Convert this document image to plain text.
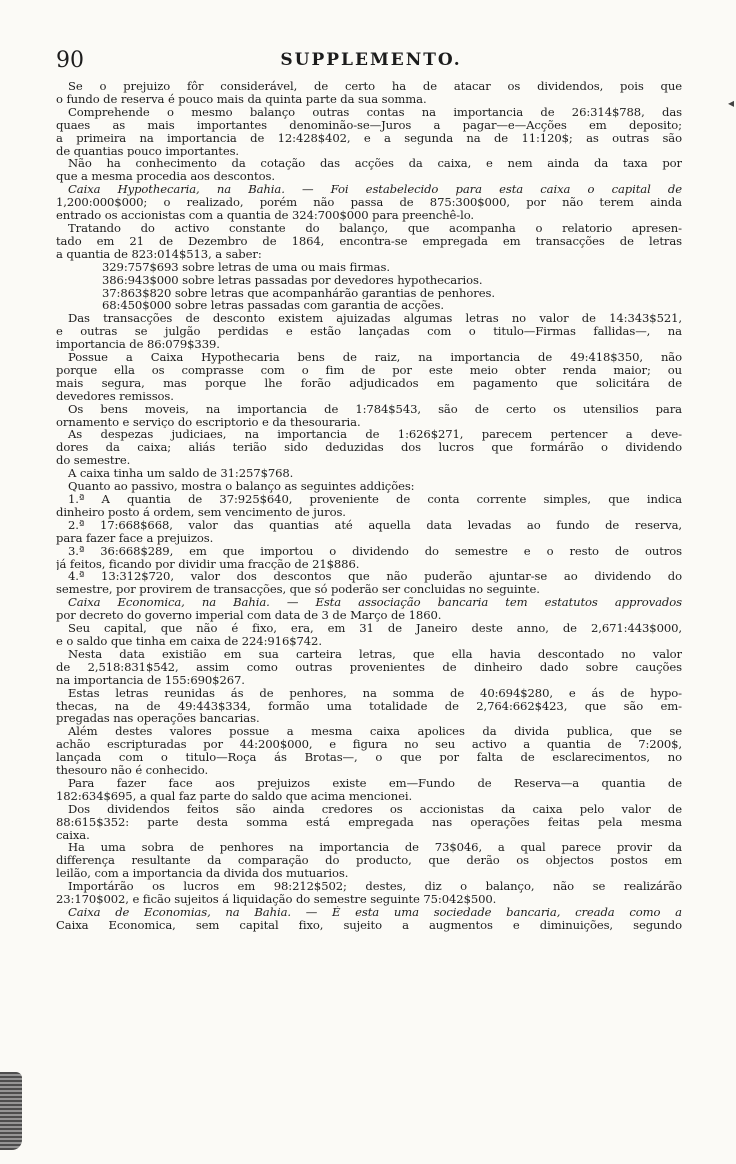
90	SUPPLEMENTO.
Se o prejuizo fôr considerável, de certo ha de atacar os dividendos, pois que
o fundo de reserva é pouco mais da quinta parte da sua somma.
Comprehende o mesmo balanço outras contas na importancia de 26:314$788, das
quaes as mais importantes denominão-se—Juros a pagar—e—Acções em deposito;
a primeira na importancia de 12:428$402, e a segunda na de 11:120$; as outras são
de quantias pouco importantes.
Não ha conhecimento da cotação das acções da caixa, e nem ainda da taxa por
que a mesma procedia aos descontos.
Caixa Hypothecaria, na Bahia. — Foi estabelecido para esta caixa o capital de
1,200:000$000; o realizado, porém não passa de 875:300$000, por não terem ainda
entrado os accionistas com a quantia de 324:700$000 para preenchê-lo.
Tratando do activo constante do balanço, que acompanha o relatorio apresen-
tado em 21 de Dezembro de 1864, encontra-se empregada em transacções de letras
a quantia de 823:014$513, a saber:
329:757$693 sobre letras de uma ou mais firmas.
386:943$000 sobre letras passadas por devedores hypothecarios.
37:863$820 sobre letras que acompanhárão garantias de penhores.
68:450$000 sobre letras passadas com garantia de acções.
Das transacções de desconto existem ajuizadas algumas letras no valor de 14:343$521,
e outras se julgão perdidas e estão lançadas com o titulo—Firmas fallidas—, na
importancia de 86:079$339.
Possue a Caixa Hypothecaria bens de raiz, na importancia de 49:418$350, não
porque ella os comprasse com o fim de por este meio obter renda maior; ou
mais segura, mas porque lhe forão adjudicados em pagamento que solicitára de
devedores remissos.
Os bens moveis, na importancia de 1:784$543, são de certo os utensilios para
ornamento e serviço do escriptorio e da thesouraria.
As despezas judiciaes, na importancia de 1:626$271, parecem pertencer a deve-
dores da caixa; aliás terião sido deduzidas dos lucros que formárão o dividendo
do semestre.
A caixa tinha um saldo de 31:257$768.
Quanto ao passivo, mostra o balanço as seguintes addições:
1.ª A quantia de 37:925$640, proveniente de conta corrente simples, que indica
dinheiro posto á ordem, sem vencimento de juros.
2.ª 17:668$668, valor das quantias até aquella data levadas ao fundo de reserva,
para fazer face a prejuizos.
3.ª 36:668$289, em que importou o dividendo do semestre e o resto de outros
já feitos, ficando por dividir uma fracção de 21$886.
4.ª 13:312$720, valor dos descontos que não puderão ajuntar-se ao dividendo do
semestre, por provirem de transacções, que só poderão ser concluidas no seguinte.
Caixa Economica, na Bahia. — Esta associação bancaria tem estatutos approvados
por decreto do governo imperial com data de 3 de Março de 1860.
Seu capital, que não é fixo, era, em 31 de Janeiro deste anno, de 2,671:443$000,
e o saldo que tinha em caixa de 224:916$742.
Nesta data existião em sua carteira letras, que ella havia descontado no valor
de 2,518:831$542, assim como outras provenientes de dinheiro dado sobre cauções
na importancia de 155:690$267.
Estas letras reunidas ás de penhores, na somma de 40:694$280, e ás de hypo-
thecas, na de 49:443$334, formão uma totalidade de 2,764:662$423, que são em-
pregadas nas operações bancarias.
Além destes valores possue a mesma caixa apolices da divida publica, que se
achão escripturadas por 44:200$000, e figura no seu activo a quantia de 7:200$,
lançada com o titulo—Roça ás Brotas—, o que por falta de esclarecimentos, no
thesouro não é conhecido.
Para fazer face aos prejuizos existe em—Fundo de Reserva—a quantia de
182:634$695, a qual faz parte do saldo que acima mencionei.
Dos dividendos feitos são ainda credores os accionistas da caixa pelo valor de
88:615$352: parte desta somma está empregada nas operações feitas pela mesma
caixa.
Ha uma sobra de penhores na importancia de 73$046, a qual parece provir da
differença resultante da comparação do producto, que derão os objectos postos em
leilão, com a importancia da divida dos mutuarios.
Importárão os lucros em 98:212$502; destes, diz o balanço, não se realizárão
23:170$002, e ficão sujeitos á liquidação do semestre seguinte 75:042$500.
Caixa de Economias, na Bahia. — É esta uma sociedade bancaria, creada como a
Caixa Economica, sem capital fixo, sujeito a augmentos e diminuições, segundo
◂
